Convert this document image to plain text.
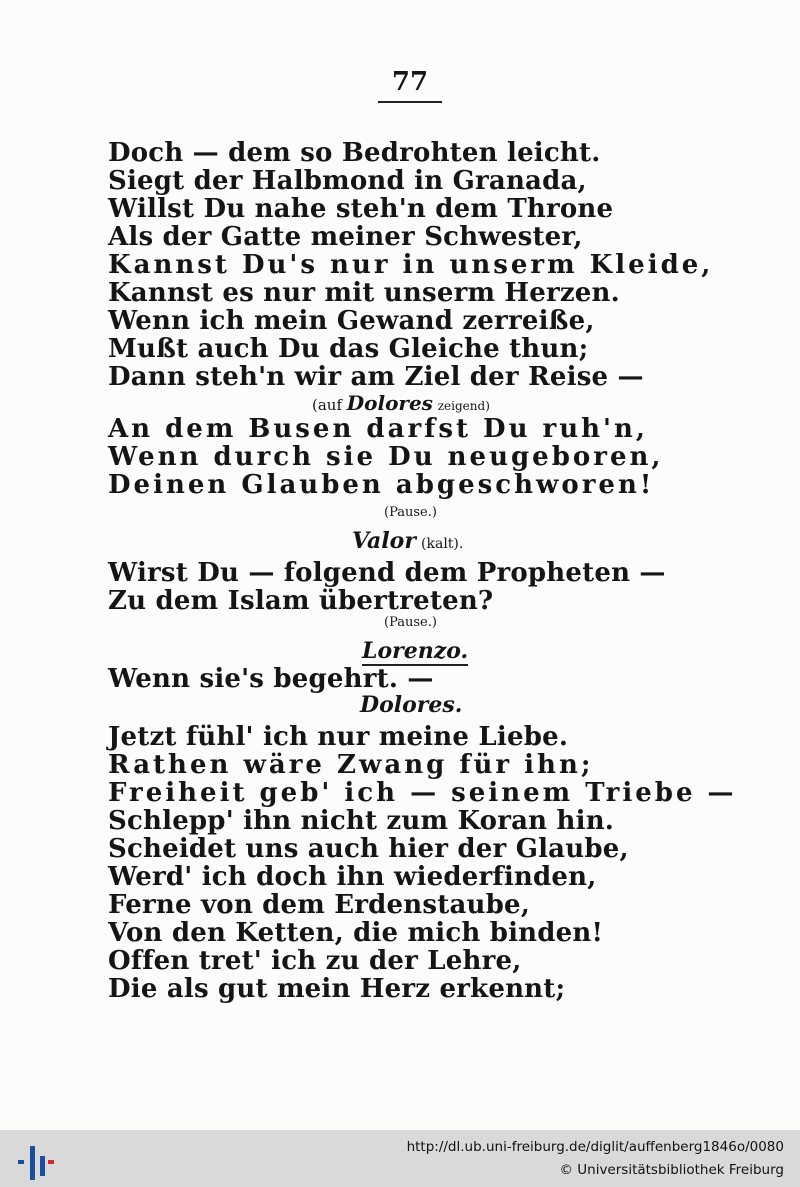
77
Doch — dem so Bedrohten leicht.
Siegt der Halbmond in Granada,
Willst Du nahe steh'n dem Throne
Als der Gatte meiner Schwester,
Kannst Du's nur in unserm Kleide,
Kannst es nur mit unserm Herzen.
Wenn ich mein Gewand zerreiße,
Mußt auch Du das Gleiche thun;
Dann steh'n wir am Ziel der Reise —
(auf Dolores zeigend)
An dem Busen darfst Du ruh'n,
Wenn durch sie Du neugeboren,
Deinen Glauben abgeschworen!
(Pause.)
Valor (kalt).
Wirst Du — folgend dem Propheten —
Zu dem Islam übertreten?
(Pause.)
Lorenzo.
Wenn sie's begehrt. —
Dolores.
Jetzt fühl' ich nur meine Liebe.
Rathen wäre Zwang für ihn;
Freiheit geb' ich — seinem Triebe —
Schlepp' ihn nicht zum Koran hin.
Scheidet uns auch hier der Glaube,
Werd' ich doch ihn wiederfinden,
Ferne von dem Erdenstaube,
Von den Ketten, die mich binden!
Offen tret' ich zu der Lehre,
Die als gut mein Herz erkennt;
http://dl.ub.uni-freiburg.de/diglit/auffenberg1846o/0080
© Universitätsbibliothek Freiburg
